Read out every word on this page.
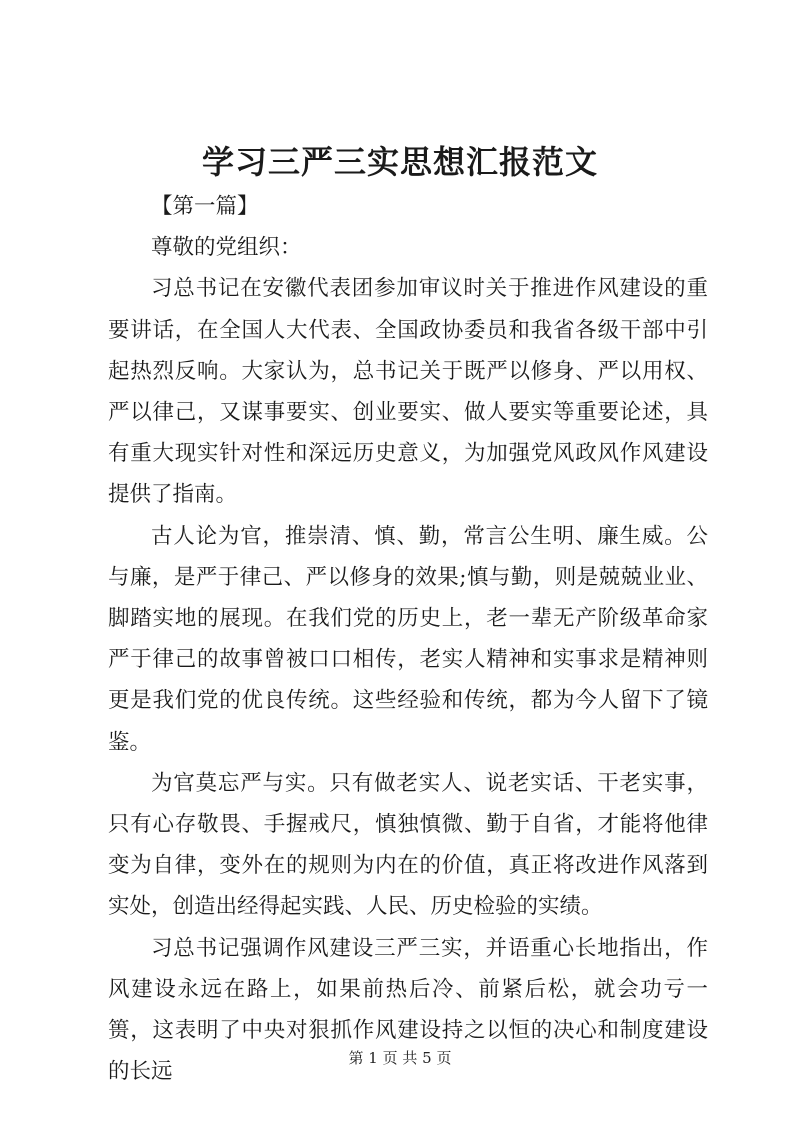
学习三严三实思想汇报范文

【第一篇】

尊敬的党组织：

习总书记在安徽代表团参加审议时关于推进作风建设的重要讲话，在全国人大代表、全国政协委员和我省各级干部中引起热烈反响。大家认为，总书记关于既严以修身、严以用权、严以律己，又谋事要实、创业要实、做人要实等重要论述，具有重大现实针对性和深远历史意义，为加强党风政风作风建设提供了指南。

古人论为官，推崇清、慎、勤，常言公生明、廉生威。公与廉，是严于律己、严以修身的效果;慎与勤，则是兢兢业业、脚踏实地的展现。在我们党的历史上，老一辈无产阶级革命家严于律己的故事曾被口口相传，老实人精神和实事求是精神则更是我们党的优良传统。这些经验和传统，都为今人留下了镜鉴。

为官莫忘严与实。只有做老实人、说老实话、干老实事，只有心存敬畏、手握戒尺，慎独慎微、勤于自省，才能将他律变为自律，变外在的规则为内在的价值，真正将改进作风落到实处，创造出经得起实践、人民、历史检验的实绩。

习总书记强调作风建设三严三实，并语重心长地指出，作风建设永远在路上，如果前热后冷、前紧后松，就会功亏一篑，这表明了中央对狠抓作风建设持之以恒的决心和制度建设的长远

第 1 页 共 5 页
